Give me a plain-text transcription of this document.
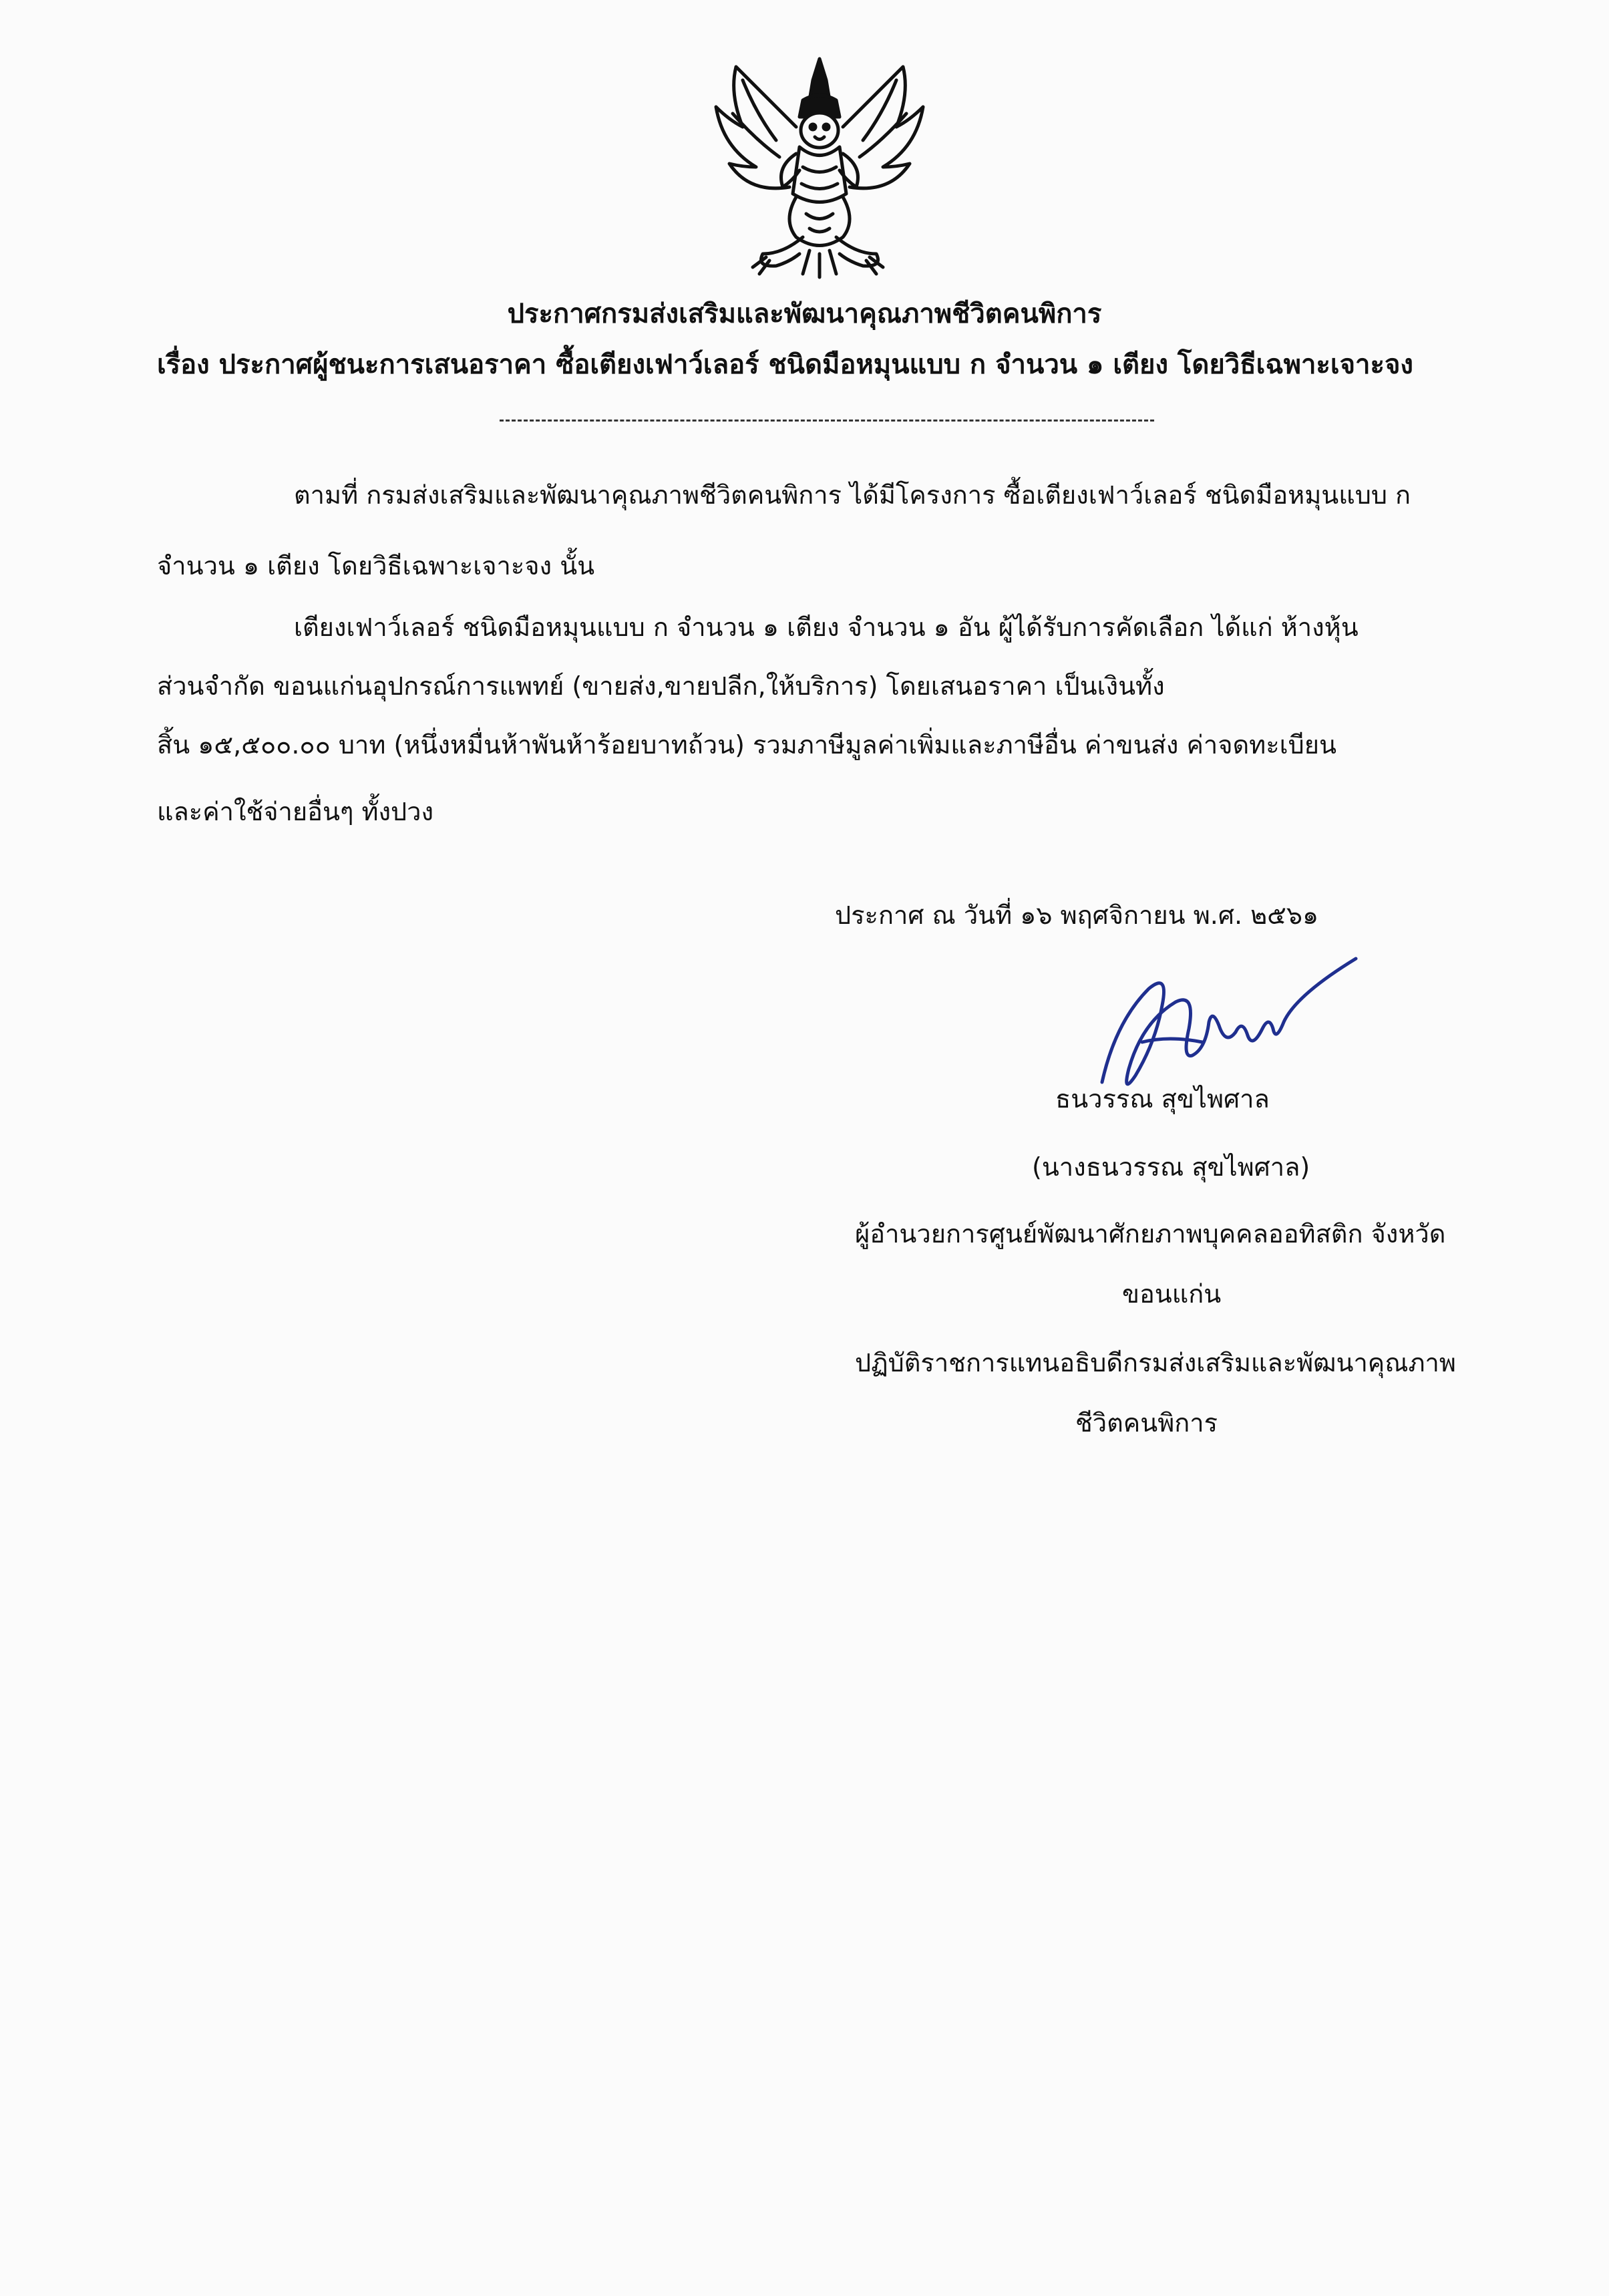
ประกาศกรมส่งเสริมและพัฒนาคุณภาพชีวิตคนพิการ
เรื่อง ประกาศผู้ชนะการเสนอราคา ซื้อเตียงเฟาว์เลอร์ ชนิดมือหมุนแบบ ก จำนวน ๑ เตียง โดยวิธีเฉพาะเจาะจง
ตามที่ กรมส่งเสริมและพัฒนาคุณภาพชีวิตคนพิการ ได้มีโครงการ ซื้อเตียงเฟาว์เลอร์ ชนิดมือหมุนแบบ ก
จำนวน ๑ เตียง โดยวิธีเฉพาะเจาะจง นั้น
เตียงเฟาว์เลอร์ ชนิดมือหมุนแบบ ก จำนวน ๑ เตียง จำนวน ๑ อัน ผู้ได้รับการคัดเลือก ได้แก่ ห้างหุ้น
ส่วนจำกัด ขอนแก่นอุปกรณ์การแพทย์ (ขายส่ง,ขายปลีก,ให้บริการ) โดยเสนอราคา เป็นเงินทั้ง
สิ้น ๑๕,๕๐๐.๐๐ บาท (หนึ่งหมื่นห้าพันห้าร้อยบาทถ้วน) รวมภาษีมูลค่าเพิ่มและภาษีอื่น ค่าขนส่ง ค่าจดทะเบียน
และค่าใช้จ่ายอื่นๆ ทั้งปวง
ประกาศ ณ วันที่ ๑๖ พฤศจิกายน พ.ศ. ๒๕๖๑
ธนวรรณ สุขไพศาล
(นางธนวรรณ สุขไพศาล)
ผู้อำนวยการศูนย์พัฒนาศักยภาพบุคคลออทิสติก จังหวัด
ขอนแก่น
ปฏิบัติราชการแทนอธิบดีกรมส่งเสริมและพัฒนาคุณภาพ
ชีวิตคนพิการ
